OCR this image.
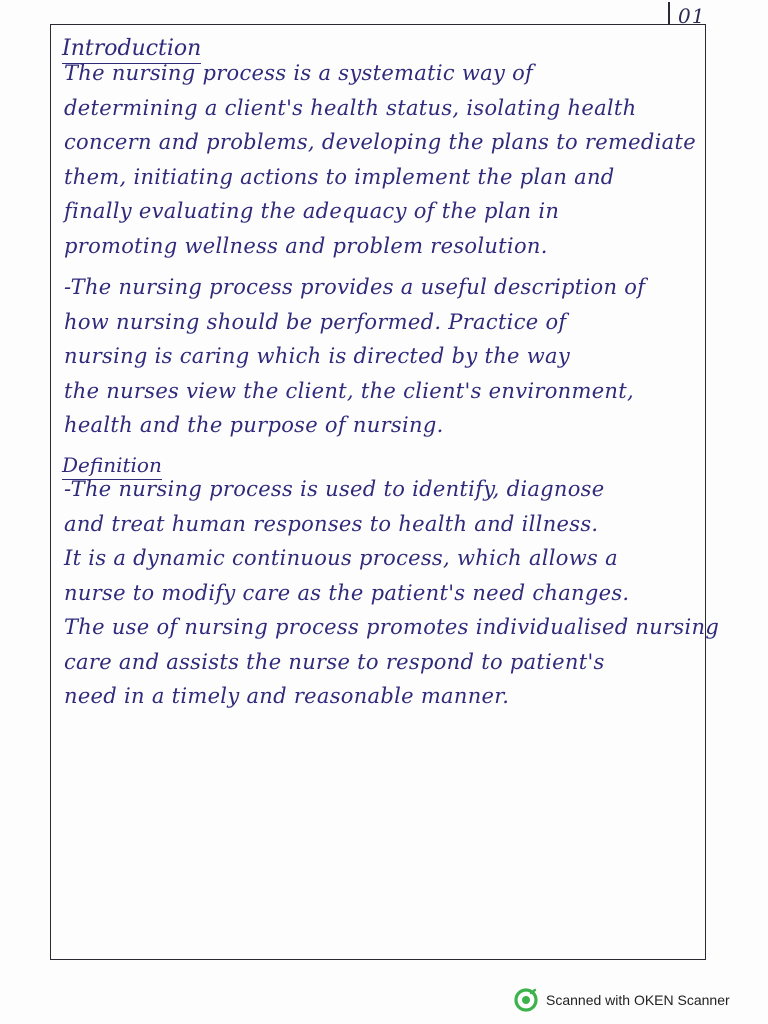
01
Introduction
The nursing process is a systematic way of
determining a client's health status, isolating health
concern and problems, developing the plans to remediate
them, initiating actions to implement the plan and
finally evaluating the adequacy of the plan in
promoting wellness and problem resolution.
-The nursing process provides a useful description of
how nursing should be performed. Practice of
nursing is caring which is directed by the way
the nurses view the client, the client's environment,
health and the purpose of nursing.
Definition
-The nursing process is used to identify, diagnose
and treat human responses to health and illness.
It is a dynamic continuous process, which allows a
nurse to modify care as the patient's need changes.
The use of nursing process promotes individualised nursing
care and assists the nurse to respond to patient's
need in a timely and reasonable manner.
Scanned with OKEN Scanner
